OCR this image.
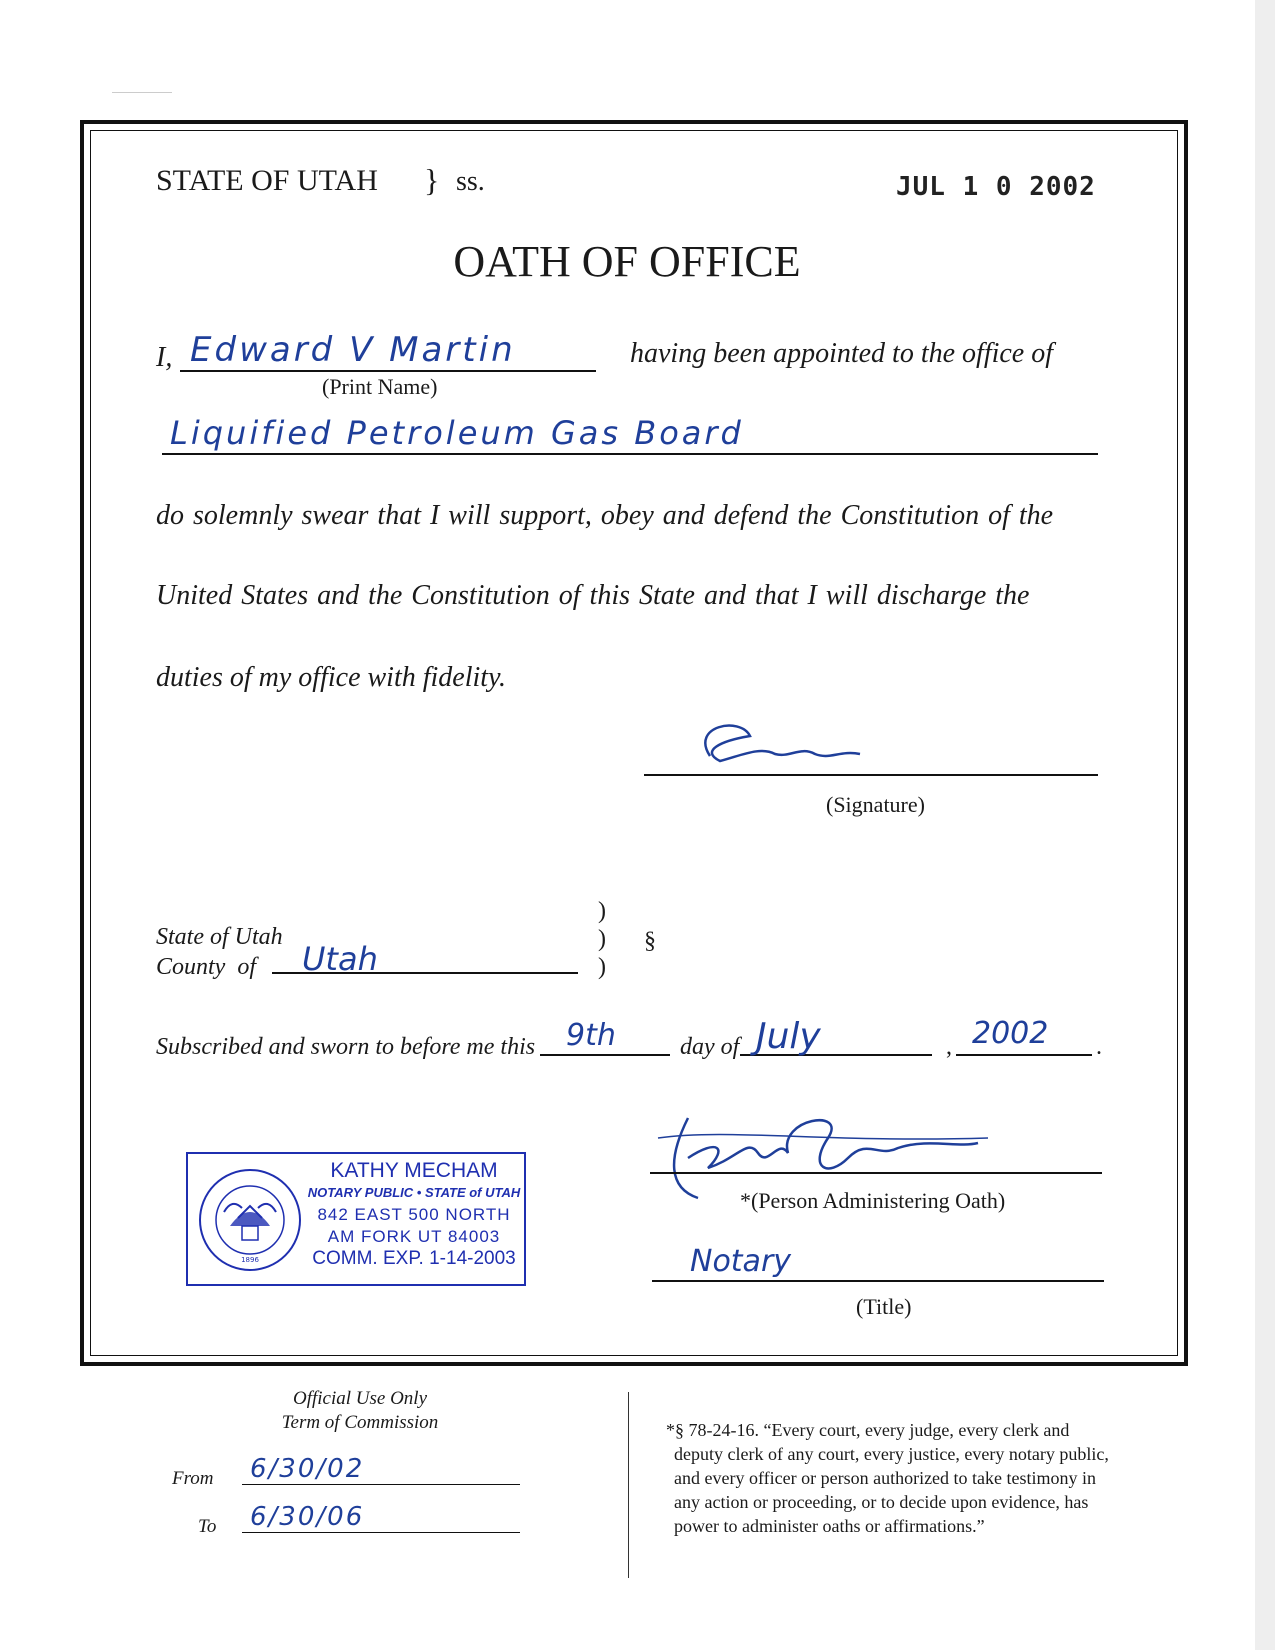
STATE OF UTAH } ss.	JUL 1 0 2002
OATH OF OFFICE
I, Edward V Martin
(Print Name)
having been appointed to the office of
Liquified Petroleum Gas Board
do solemnly swear that I will support, obey and defend the Constitution of the
United States and the Constitution of this State and that I will discharge the
duties of my office with fidelity.
(Signature)
State of Utah
County  of Utah
)
)
)
§
Subscribed and sworn to before me this 9th	day of July	, 2002 .
1896
KATHY MECHAM
NOTARY PUBLIC • STATE of UTAH
842 EAST 500 NORTH
AM FORK UT 84003
COMM. EXP. 1-14-2003
*(Person Administering Oath)
Notary
(Title)
Official Use Only
Term of Commission
From 6/30/02
To 6/30/06
*§ 78-24-16. “Every court, every judge, every clerk and
deputy clerk of any court, every justice, every notary public,
and every officer or person authorized to take testimony in
any action or proceeding, or to decide upon evidence, has
power to administer oaths or affirmations.”
